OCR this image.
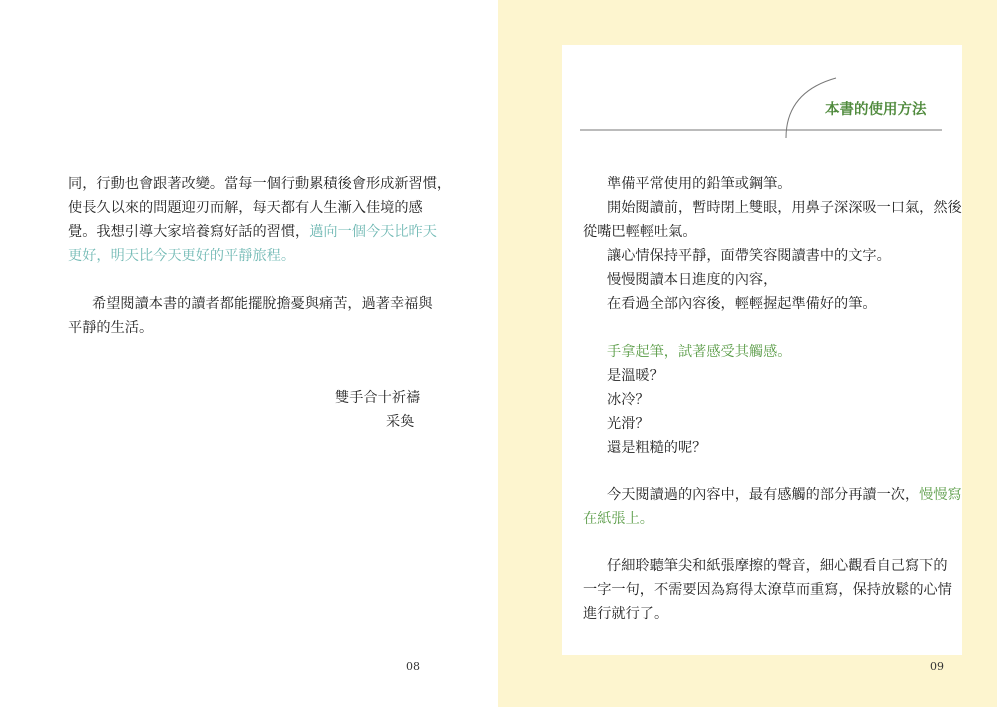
本書的使用方法
同，行動也會跟著改變。當每一個行動累積後會形成新習慣，
使長久以來的問題迎刃而解，每天都有人生漸入佳境的感
覺。我想引導大家培養寫好話的習慣，邁向一個今天比昨天
更好，明天比今天更好的平靜旅程。
希望閱讀本書的讀者都能擺脫擔憂與痛苦，過著幸福與
平靜的生活。
雙手合十祈禱
采奐
08
準備平常使用的鉛筆或鋼筆。
開始閱讀前，暫時閉上雙眼，用鼻子深深吸一口氣，然後
從嘴巴輕輕吐氣。
讓心情保持平靜，面帶笑容閱讀書中的文字。
慢慢閱讀本日進度的內容，
在看過全部內容後，輕輕握起準備好的筆。
手拿起筆，試著感受其觸感。
是溫暖？
冰冷？
光滑？
還是粗糙的呢？
今天閱讀過的內容中，最有感觸的部分再讀一次，慢慢寫
在紙張上。
仔細聆聽筆尖和紙張摩擦的聲音，細心觀看自己寫下的
一字一句，不需要因為寫得太潦草而重寫，保持放鬆的心情
進行就行了。
09
